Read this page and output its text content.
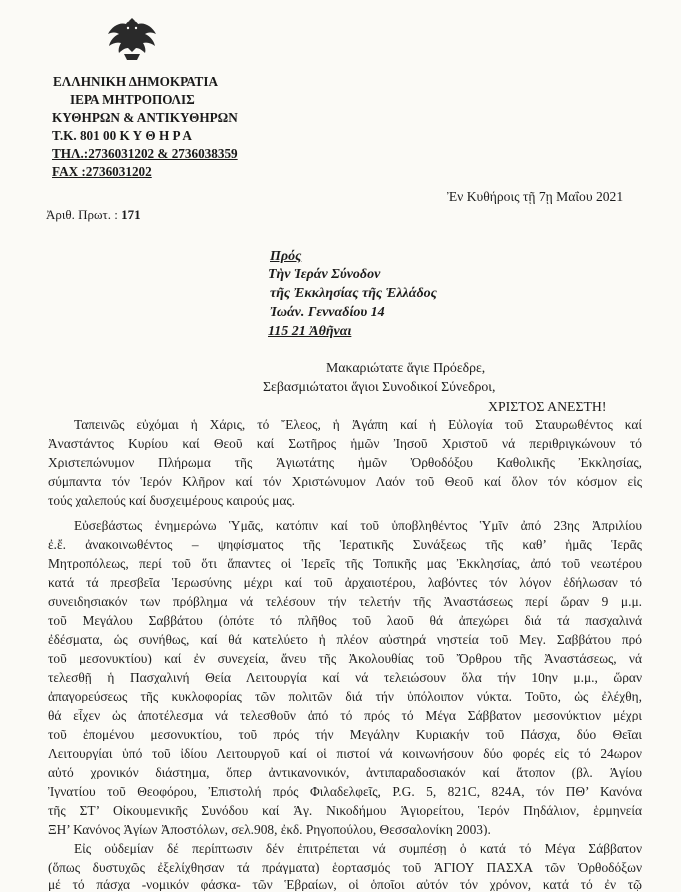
ΕΛΛΗΝΙΚΗ ΔΗΜΟΚΡΑΤΙΑ
ΙΕΡΑ ΜΗΤΡΟΠΟΛΙΣ
ΚΥΘΗΡΩΝ & ΑΝΤΙΚΥΘΗΡΩΝ
Τ.Κ. 801 00 Κ Υ Θ Η Ρ Α
ΤΗΛ.:2736031202 & 2736038359
FAX :2736031202
Ἐν Κυθήροις τῇ 7ῃ Μαΐου 2021
Ἀριθ. Πρωτ. : 171
Πρός
Τὴν Ἱεράν Σύνοδον
τῆς Ἐκκλησίας τῆς Ἑλλάδος
Ἰωάν. Γενναδίου 14
115 21 Ἀθῆναι
Μακαριώτατε ἅγιε Πρόεδρε,
Σεβασμιώτατοι ἅγιοι Συνοδικοί Σύνεδροι,
ΧΡΙΣΤΟΣ ΑΝΕΣΤΗ!
Ταπεινῶς εὐχόμαι ἡ Χάρις, τό Ἔλεος, ἡ Ἀγάπη καί ἡ Εὐλογία τοῦ Σταυρωθέντος καί
Ἀναστάντος Κυρίου καί Θεοῦ καί Σωτῆρος ἡμῶν Ἰησοῦ Χριστοῦ νά περιθριγκώνουν τό
Χριστεπώνυμον Πλήρωμα τῆς Ἁγιωτάτης ἡμῶν Ὀρθοδόξου Καθολικῆς Ἐκκλησίας,
σύμπαντα τόν Ἱερόν Κλῆρον καί τόν Χριστώνυμον Λαόν τοῦ Θεοῦ καί ὅλον τόν κόσμον εἰς
τούς χαλεπούς καί δυσχειμέρους καιρούς μας.
Εὐσεβάστως ἐνημερώνω Ὑμᾶς, κατόπιν καί τοῦ ὑποβληθέντος Ὑμῖν ἀπό 23ης Ἀπριλίου
ἐ.ἔ. ἀνακοινωθέντος – ψηφίσματος τῆς Ἱερατικῆς Συνάξεως τῆς καθ’ ἡμᾶς Ἱερᾶς
Μητροπόλεως, περί τοῦ ὅτι ἅπαντες οἱ Ἱερεῖς τῆς Τοπικῆς μας Ἐκκλησίας, ἀπό τοῦ νεωτέρου
κατά τά πρεσβεῖα Ἱερωσύνης μέχρι καί τοῦ ἀρχαιοτέρου, λαβόντες τόν λόγον ἐδήλωσαν τό
συνειδησιακόν των πρόβλημα νά τελέσουν τήν τελετήν τῆς Ἀναστάσεως περί ὥραν 9 μ.μ.
τοῦ Μεγάλου Σαββάτου (ὁπότε τό πλῆθος τοῦ λαοῦ θά ἀπεχώρει διά τά πασχαλινά
ἐδέσματα, ὡς συνήθως, καί θά κατελύετο ἡ πλέον αὐστηρά νηστεία τοῦ Μεγ. Σαββάτου πρό
τοῦ μεσονυκτίου) καί ἐν συνεχεία, ἄνευ τῆς Ἀκολουθίας τοῦ Ὄρθρου τῆς Ἀναστάσεως, νά
τελεσθῇ ἡ Πασχαλινή Θεία Λειτουργία καί νά τελειώσουν ὅλα τήν 10ην μ.μ., ὥραν
ἀπαγορεύσεως τῆς κυκλοφορίας τῶν πολιτῶν διά τήν ὑπόλοιπον νύκτα. Τοῦτο, ὡς ἐλέχθη,
θά εἶχεν ὡς ἀποτέλεσμα νά τελεσθοῦν ἀπό τό πρός τό Μέγα Σάββατον μεσονύκτιον μέχρι
τοῦ ἐπομένου μεσονυκτίου, τοῦ πρός τήν Μεγάλην Κυριακήν τοῦ Πάσχα, δύο Θεῖαι
Λειτουργίαι ὑπό τοῦ ἰδίου Λειτουργοῦ καί οἱ πιστοί νά κοινωνήσουν δύο φορές εἰς τό 24ωρον
αὐτό χρονικόν διάστημα, ὅπερ ἀντικανονικόν, ἀντιπαραδοσιακόν καί ἄτοπον (βλ. Ἁγίου
Ἰγνατίου τοῦ Θεοφόρου, Ἐπιστολή πρός Φιλαδελφεῖς, P.G. 5, 821C, 824A, τόν ΠΘ’ Κανόνα
τῆς ΣΤ’ Οἰκουμενικῆς Συνόδου καί Ἁγ. Νικοδήμου Ἁγιορείτου, Ἱερόν Πηδάλιον, ἑρμηνεία
ΞΗ’ Κανόνος Ἁγίων Ἀποστόλων, σελ.908, ἐκδ. Ρηγοπούλου, Θεσσαλονίκη 2003).
Εἰς οὐδεμίαν δέ περίπτωσιν δέν ἐπιτρέπεται νά συμπέσῃ ὁ κατά τό Μέγα Σάββατον
(ὅπως δυστυχῶς ἐξελίχθησαν τά πράγματα) ἑορτασμός τοῦ ἉΓΙΟΥ ΠΑΣΧΑ τῶν Ὀρθοδόξων
μέ τό πάσχα -νομικόν φάσκα- τῶν Ἑβραίων, οἱ ὁποῖοι αὐτόν τόν χρόνον, κατά τό ἐν τῷ
